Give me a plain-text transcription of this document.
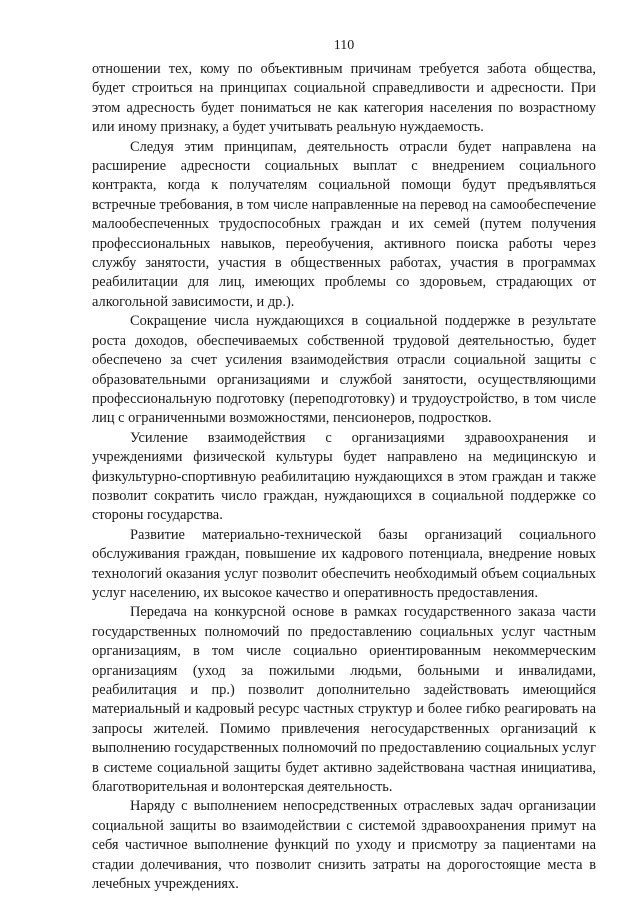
110

отношении тех, кому по объективным причинам требуется забота общества, будет строиться на принципах социальной справедливости и адресности. При этом адресность будет пониматься не как категория населения по возрастному или иному признаку, а будет учитывать реальную нуждаемость.

Следуя этим принципам, деятельность отрасли будет направлена на расширение адресности социальных выплат с внедрением социального контракта, когда к получателям социальной помощи будут предъявляться встречные требования, в том числе направленные на перевод на самообеспечение малообеспеченных трудоспособных граждан и их семей (путем получения профессиональных навыков, переобучения, активного поиска работы через службу занятости, участия в общественных работах, участия в программах реабилитации для лиц, имеющих проблемы со здоровьем, страдающих от алкогольной зависимости, и др.).

Сокращение числа нуждающихся в социальной поддержке в результате роста доходов, обеспечиваемых собственной трудовой деятельностью, будет обеспечено за счет усиления взаимодействия отрасли социальной защиты с образовательными организациями и службой занятости, осуществляющими профессиональную подготовку (переподготовку) и трудоустройство, в том числе лиц с ограниченными возможностями, пенсионеров, подростков.

Усиление взаимодействия с организациями здравоохранения и учреждениями физической культуры будет направлено на медицинскую и физкультурно-спортивную реабилитацию нуждающихся в этом граждан и также позволит сократить число граждан, нуждающихся в социальной поддержке со стороны государства.

Развитие материально-технической базы организаций социального обслуживания граждан, повышение их кадрового потенциала, внедрение новых технологий оказания услуг позволит обеспечить необходимый объем социальных услуг населению, их высокое качество и оперативность предоставления.

Передача на конкурсной основе в рамках государственного заказа части государственных полномочий по предоставлению социальных услуг частным организациям, в том числе социально ориентированным некоммерческим организациям (уход за пожилыми людьми, больными и инвалидами, реабилитация и пр.) позволит дополнительно задействовать имеющийся материальный и кадровый ресурс частных структур и более гибко реагировать на запросы жителей. Помимо привлечения негосударственных организаций к выполнению государственных полномочий по предоставлению социальных услуг в системе социальной защиты будет активно задействована частная инициатива, благотворительная и волонтерская деятельность.

Наряду с выполнением непосредственных отраслевых задач организации социальной защиты во взаимодействии с системой здравоохранения примут на себя частичное выполнение функций по уходу и присмотру за пациентами на стадии долечивания, что позволит снизить затраты на дорогостоящие места в лечебных учреждениях.
